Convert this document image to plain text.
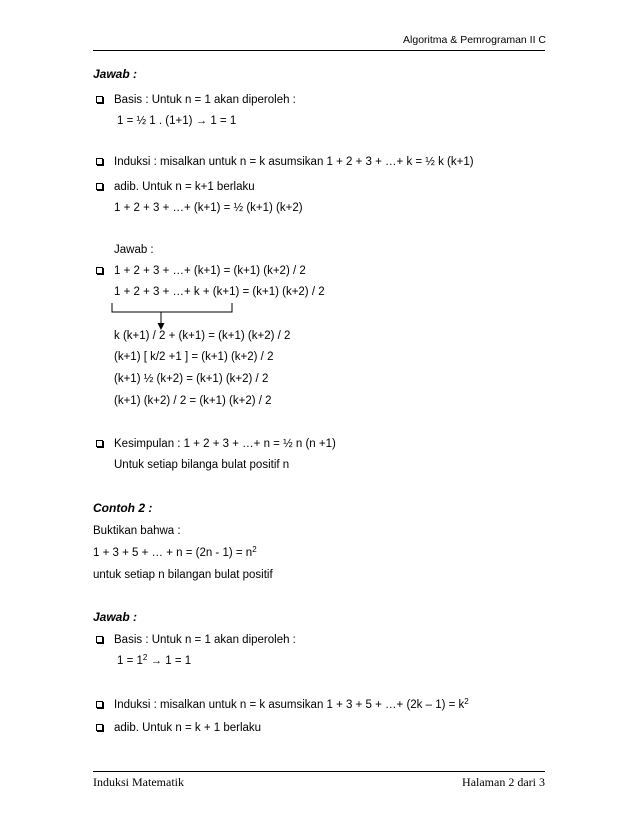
Algoritma & Pemrograman II C
Jawab :
Basis : Untuk n = 1 akan diperoleh :
1 = ½ 1 . (1+1) → 1 = 1
Induksi : misalkan untuk n = k asumsikan 1 + 2 + 3 + …+ k = ½ k (k+1)
adib. Untuk n = k+1 berlaku
1 + 2 + 3 + …+ (k+1) = ½ (k+1) (k+2)
Jawab :
1 + 2 + 3 + …+ (k+1) = (k+1) (k+2) / 2
1 + 2 + 3 + …+ k + (k+1) = (k+1) (k+2) / 2
k (k+1) / 2 + (k+1) = (k+1) (k+2) / 2
(k+1) [ k/2 +1 ] = (k+1) (k+2) / 2
(k+1) ½ (k+2) = (k+1) (k+2) / 2
(k+1) (k+2) / 2 = (k+1) (k+2) / 2
Kesimpulan : 1 + 2 + 3 + …+ n = ½ n (n +1)
Untuk setiap bilanga bulat positif n
Contoh 2 :
Buktikan bahwa :
1 + 3 + 5 + … + $n = (2n - 1) = n^2$
untuk setiap n bilangan bulat positif
Jawab :
Basis : Untuk n = 1 akan diperoleh :
$1 = 1^2 \to 1 = 1$
Induksi : misalkan untuk n = k asumsikan 1 + 3 + 5 + …+ $(2k - 1) = k^2$
adib. Untuk n = k + 1 berlaku
Induksi Matematik	Halaman 2 dari 3
